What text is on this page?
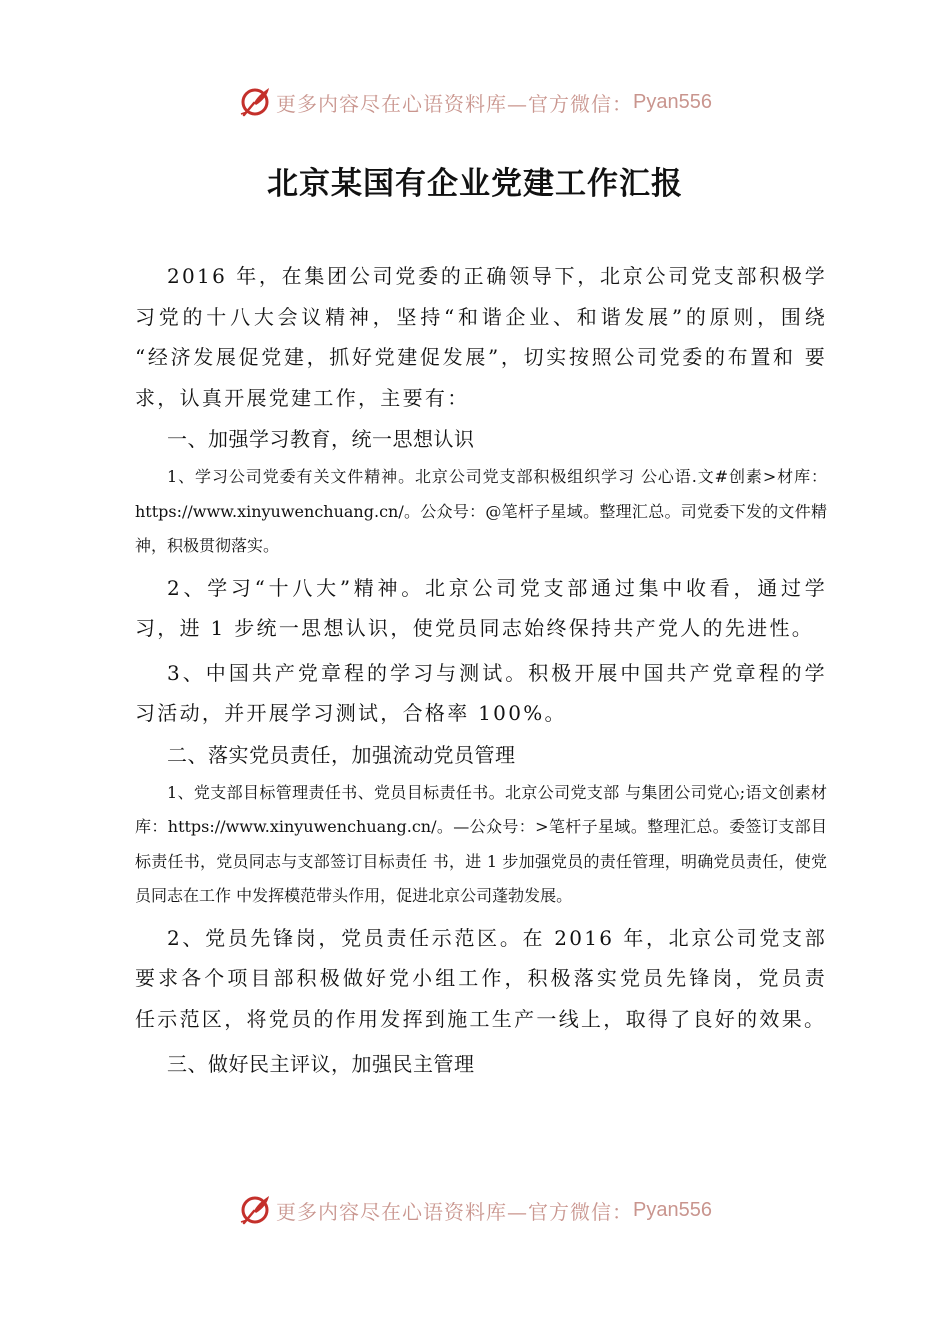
更多内容尽在心语资料库—官方微信： Pyan556
北京某国有企业党建工作汇报

2016 年，在集团公司党委的正确领导下，北京公司党支部积极学 习党的十八大会议精神，坚持“和谐企业、和谐发展”的原则，围绕 “经济发展促党建，抓好党建促发展”，切实按照公司党委的布置和 要求，认真开展党建工作，主要有：

一、加强学习教育，统一思想认识

1、学习公司党委有关文件精神。北京公司党支部积极组织学习 公心语.文#创素>材库：https://www.xinyuwenchuang.cn/。公众号：@笔杆子星域。整理汇总。司党委下发的文件精神，积极贯彻落实。

2、学习“十八大”精神。北京公司党支部通过集中收看，通过学 习，进 1 步统一思想认识，使党员同志始终保持共产党人的先进性。

3、中国共产党章程的学习与测试。积极开展中国共产党章程的学习活动，并开展学习测试，合格率 100%。

二、落实党员责任，加强流动党员管理

1、党支部目标管理责任书、党员目标责任书。北京公司党支部 与集团公司党心;语文创素材库：https://www.xinyuwenchuang.cn/。—公众号：>笔杆子星域。整理汇总。委签订支部目标责任书，党员同志与支部签订目标责任 书，进 1 步加强党员的责任管理，明确党员责任，使党员同志在工作 中发挥模范带头作用，促进北京公司蓬勃发展。

2、党员先锋岗，党员责任示范区。在 2016 年，北京公司党支部 要求各个项目部积极做好党小组工作，积极落实党员先锋岗，党员责 任示范区，将党员的作用发挥到施工生产一线上，取得了良好的效果。

三、做好民主评议，加强民主管理

更多内容尽在心语资料库—官方微信： Pyan556
